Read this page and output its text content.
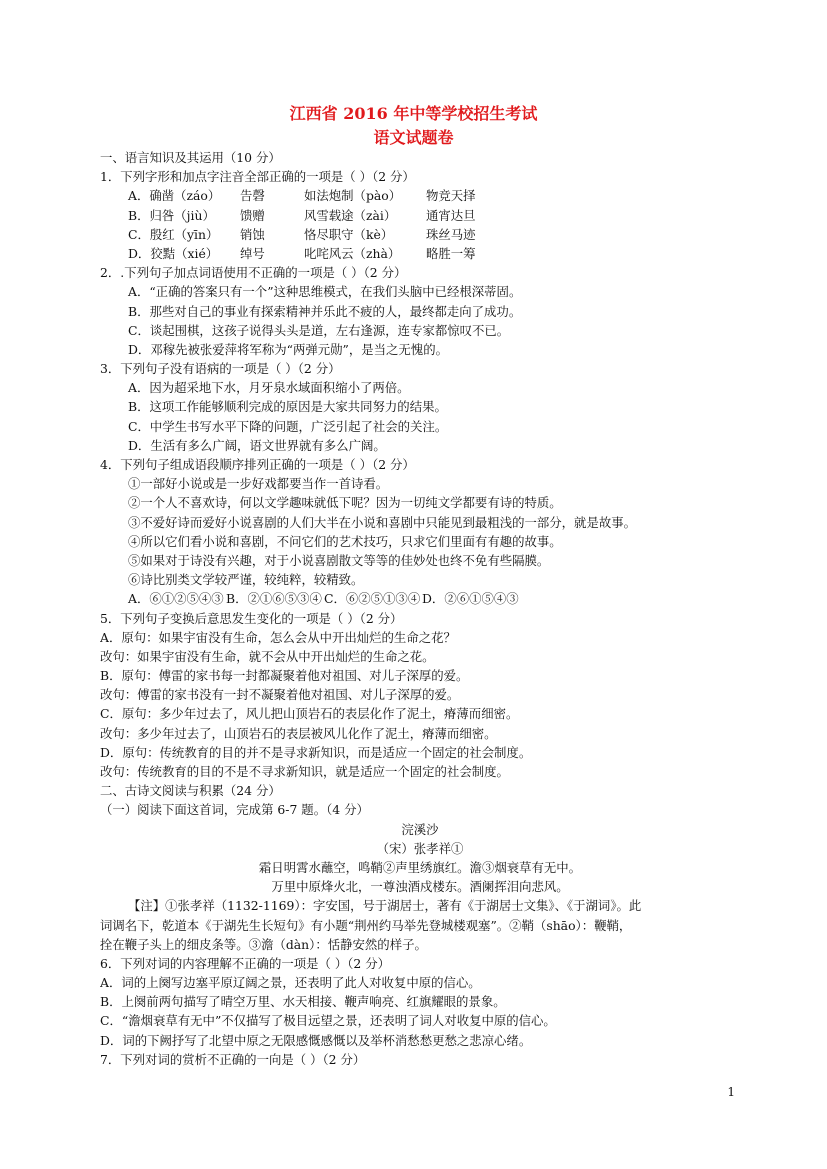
江西省 2016 年中等学校招生考试
语文试题卷
一、语言知识及其运用（10 分）
1．下列字形和加点字注音全部正确的一项是（ ）（2 分）
A．确凿（záo） 告磬	如法炮制（pào） 物竞天择
B．归咎（jiù） 馈赠	风雪载途（zài） 通宵达旦
C．殷红（yīn） 销蚀	恪尽职守（kè）	珠丝马迹
D．狡黠（xié） 绰号	叱咤风云（zhà） 略胜一筹
2．.下列句子加点词语使用不正确的一项是（ ）（2 分）
A．“正确的答案只有一个”这种思维模式，在我们头脑中已经根深蒂固。
B．那些对自己的事业有探索精神并乐此不疲的人，最终都走向了成功。
C．谈起围棋，这孩子说得头头是道，左右逢源，连专家都惊叹不已。
D．邓稼先被张爱萍将军称为“两弹元勋”，是当之无愧的。
3．下列句子没有语病的一项是（ ）（2 分）
A．因为超采地下水，月牙泉水域面积缩小了两倍。
B．这项工作能够顺利完成的原因是大家共同努力的结果。
C．中学生书写水平下降的问题，广泛引起了社会的关注。
D．生活有多么广阔，语文世界就有多么广阔。
4．下列句子组成语段顺序排列正确的一项是（ ）（2 分）
①一部好小说或是一步好戏都要当作一首诗看。
②一个人不喜欢诗，何以文学趣味就低下呢？因为一切纯文学都要有诗的特质。
③不爱好诗而爱好小说喜剧的人们大半在小说和喜剧中只能见到最粗浅的一部分，就是故事。
④所以它们看小说和喜剧，不问它们的艺术技巧，只求它们里面有有趣的故事。
⑤如果对于诗没有兴趣，对于小说喜剧散文等等的佳妙处也终不免有些隔膜。
⑥诗比别类文学较严谨，较纯粹，较精致。
A．⑥①②⑤④③ B．②①⑥⑤③④ C．⑥②⑤①③④ D．②⑥①⑤④③
5．下列句子变换后意思发生变化的一项是（ ）（2 分）
A．原句：如果宇宙没有生命，怎么会从中开出灿烂的生命之花？
改句：如果宇宙没有生命，就不会从中开出灿烂的生命之花。
B．原句：傅雷的家书每一封都凝聚着他对祖国、对儿子深厚的爱。
改句：傅雷的家书没有一封不凝聚着他对祖国、对儿子深厚的爱。
C．原句：多少年过去了，风儿把山顶岩石的表层化作了泥土，瘠薄而细密。
改句：多少年过去了，山顶岩石的表层被风儿化作了泥土，瘠薄而细密。
D．原句：传统教育的目的并不是寻求新知识，而是适应一个固定的社会制度。
改句：传统教育的目的不是不寻求新知识，就是适应一个固定的社会制度。
二、古诗文阅读与积累（24 分）
（一）阅读下面这首词，完成第 6-7 题。（4 分）
浣溪沙
（宋）张孝祥①
霜日明霄水蘸空，鸣鞘②声里绣旗红。澹③烟衰草有无中。
万里中原烽火北，一尊浊酒戍楼东。酒阑挥泪向悲风。
【注】①张孝祥（1132-1169）：字安国，号于湖居士，著有《于湖居士文集》、《于湖词》。此
词调名下，乾道本《于湖先生长短句》有小题“荆州约马举先登城楼观塞”。②鞘（shāo）：鞭鞘，
拴在鞭子头上的细皮条等。③澹（dàn）：恬静安然的样子。
6．下列对词的内容理解不正确的一项是（ ）（2 分）
A．词的上阕写边塞平原辽阔之景，还表明了此人对收复中原的信心。
B．上阕前两句描写了晴空万里、水天相接、鞭声响亮、红旗耀眼的景象。
C．“澹烟衰草有无中”不仅描写了极目远望之景，还表明了词人对收复中原的信心。
D．词的下阙抒写了北望中原之无限感慨感慨以及举杯消愁愁更愁之悲凉心绪。
7．下列对词的赏析不正确的一向是（ ）（2 分）
1
